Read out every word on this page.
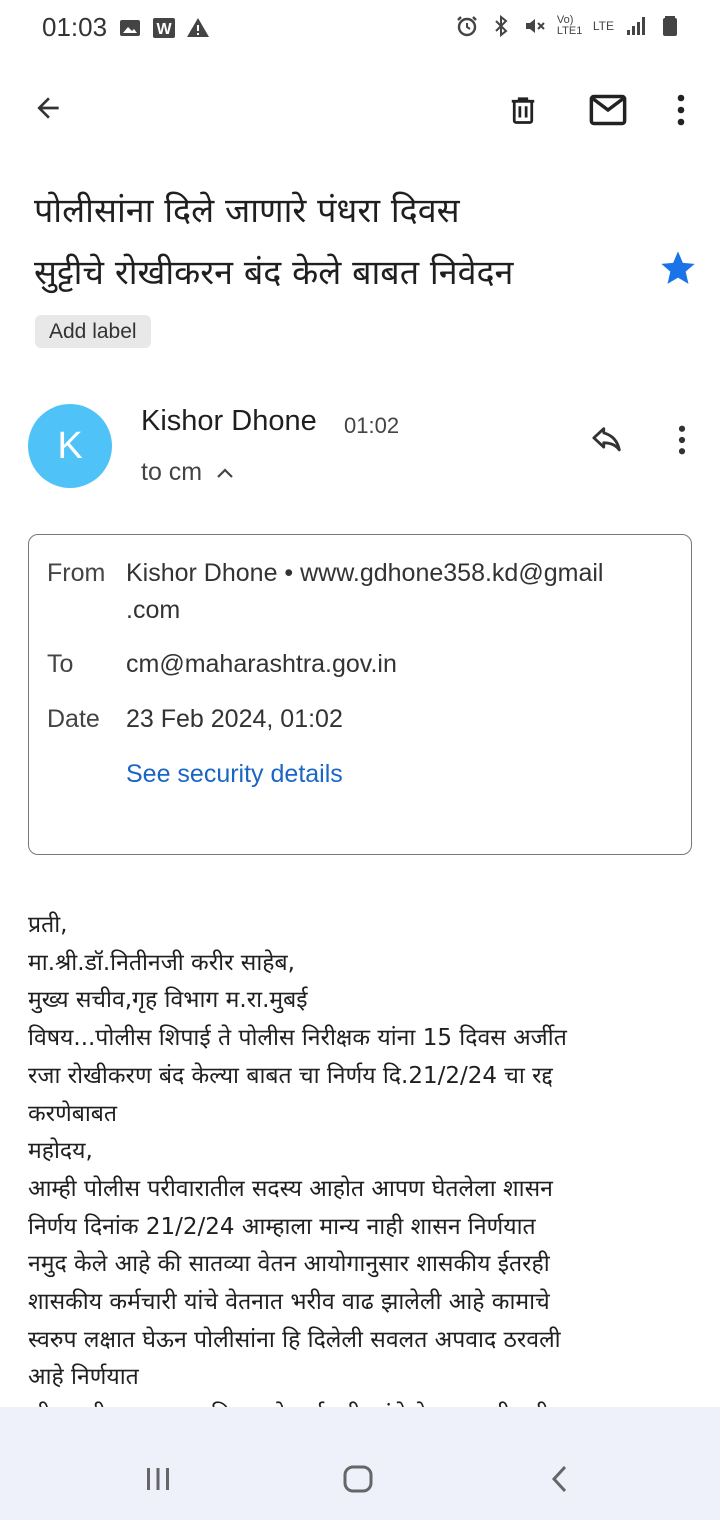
01:03	W
Vo) LTE1 LTE
पोलीसांना दिले जाणारे पंधरा दिवस
सुट्टीचे रोखीकरन बंद केले बाबत निवेदन
Add label
K
Kishor Dhone 01:02
to cm
From Kishor Dhone • www.gdhone358.kd@gmail
.com
To cm@maharashtra.gov.in
Date 23 Feb 2024, 01:02
See security details
प्रती,
मा.श्री.डॉ.नितीनजी करीर साहेब,
मुख्य सचीव,गृह विभाग म.रा.मुबई
विषय...पोलीस शिपाई ते पोलीस निरीक्षक यांना 15 दिवस अर्जीत
रजा रोखीकरण बंद केल्या बाबत चा निर्णय दि.21/2/24 चा रद्द
करणेबाबत
महोदय,
आम्ही पोलीस परीवारातील सदस्य आहोत आपण घेतलेला शासन
निर्णय दिनांक 21/2/24 आम्हाला मान्य नाही शासन निर्णयात
नमुद केले आहे की सातव्या वेतन आयोगानुसार शासकीय ईतरही
शासकीय कर्मचारी यांचे वेतनात भरीव वाढ झालेली आहे कामाचे
स्वरुप लक्षात घेऊन पोलीसांना हि दिलेली सवलत अपवाद ठरवली
आहे निर्णयात
